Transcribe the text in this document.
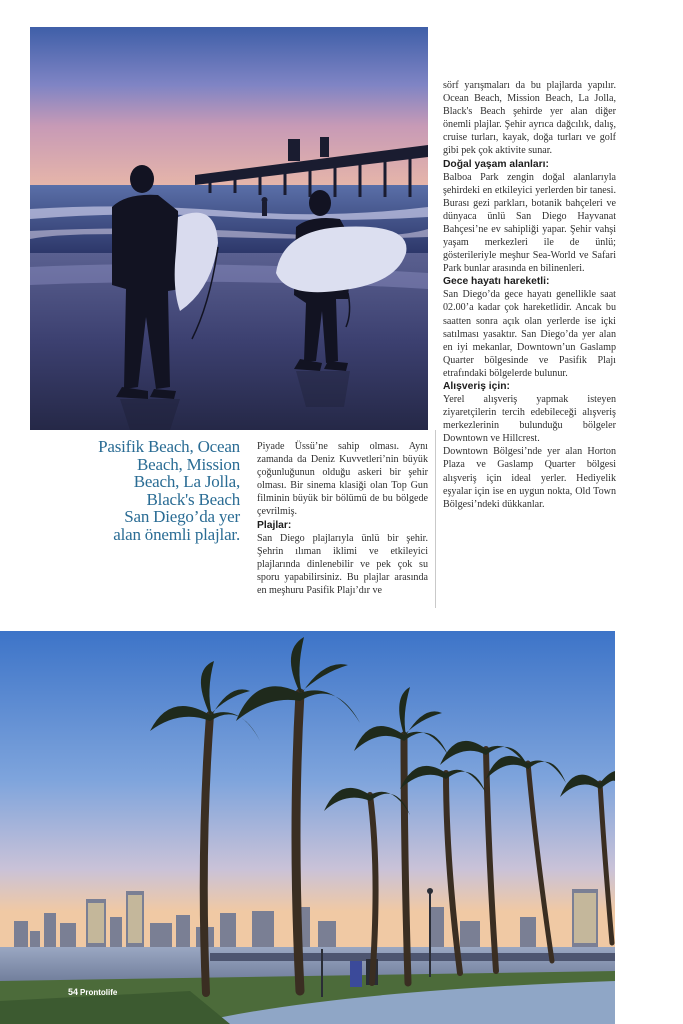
Pasifik Beach, Ocean
Beach, Mission
Beach, La Jolla,
Black's Beach
San Diego’da yer
alan önemli plajlar.

Piyade Üssü’ne sahip olması. Aynı zamanda da Deniz Kuvvetleri’nin büyük çoğunluğunun olduğu askeri bir şehir olması. Bir sinema klasiği olan Top Gun filminin büyük bir bölümü de bu bölgede çevrilmiş.

Plajlar:

San Diego plajlarıyla ünlü bir şehir. Şehrin ılıman iklimi ve etkileyici plajlarında dinlenebilir ve pek çok su sporu yapabilirsiniz. Bu plajlar arasında en meşhuru Pasifik Plajı’dır ve

sörf yarışmaları da bu plajlarda yapılır. Ocean Beach, Mission Beach, La Jolla, Black's Beach şehirde yer alan diğer önemli plajlar. Şehir ayrıca dağcılık, dalış, cruise turları, kayak, doğa turları ve golf gibi pek çok aktivite sunar.

Doğal yaşam alanları:

Balboa Park zengin doğal alanlarıyla şehirdeki en etkileyici yerlerden bir tanesi. Burası gezi parkları, botanik bahçeleri ve dünyaca ünlü San Diego Hayvanat Bahçesi’ne ev sahipliği yapar. Şehir vahşi yaşam merkezleri ile de ünlü; gösterileriyle meşhur Sea-World ve Safari Park bunlar arasında en bilinenleri.

Gece hayatı hareketli:

San Diego’da gece hayatı genellikle saat 02.00’a kadar çok hareketlidir. Ancak bu saatten sonra açık olan yerlerde ise içki satılması yasaktır. San Diego’da yer alan en iyi mekanlar, Downtown’un Gaslamp Quarter bölgesinde ve Pasifik Plajı etrafındaki bölgelerde bulunur.

Alışveriş için:

Yerel alışveriş yapmak isteyen ziyaretçilerin tercih edebileceği alışveriş merkezlerinin bulunduğu bölgeler Downtown ve Hillcrest.

Downtown Bölgesi’nde yer alan Horton Plaza ve Gaslamp Quarter bölgesi alışveriş için ideal yerler. Hediyelik eşyalar için ise en uygun nokta, Old Town Bölgesi’ndeki dükkanlar.

54 Prontolife
